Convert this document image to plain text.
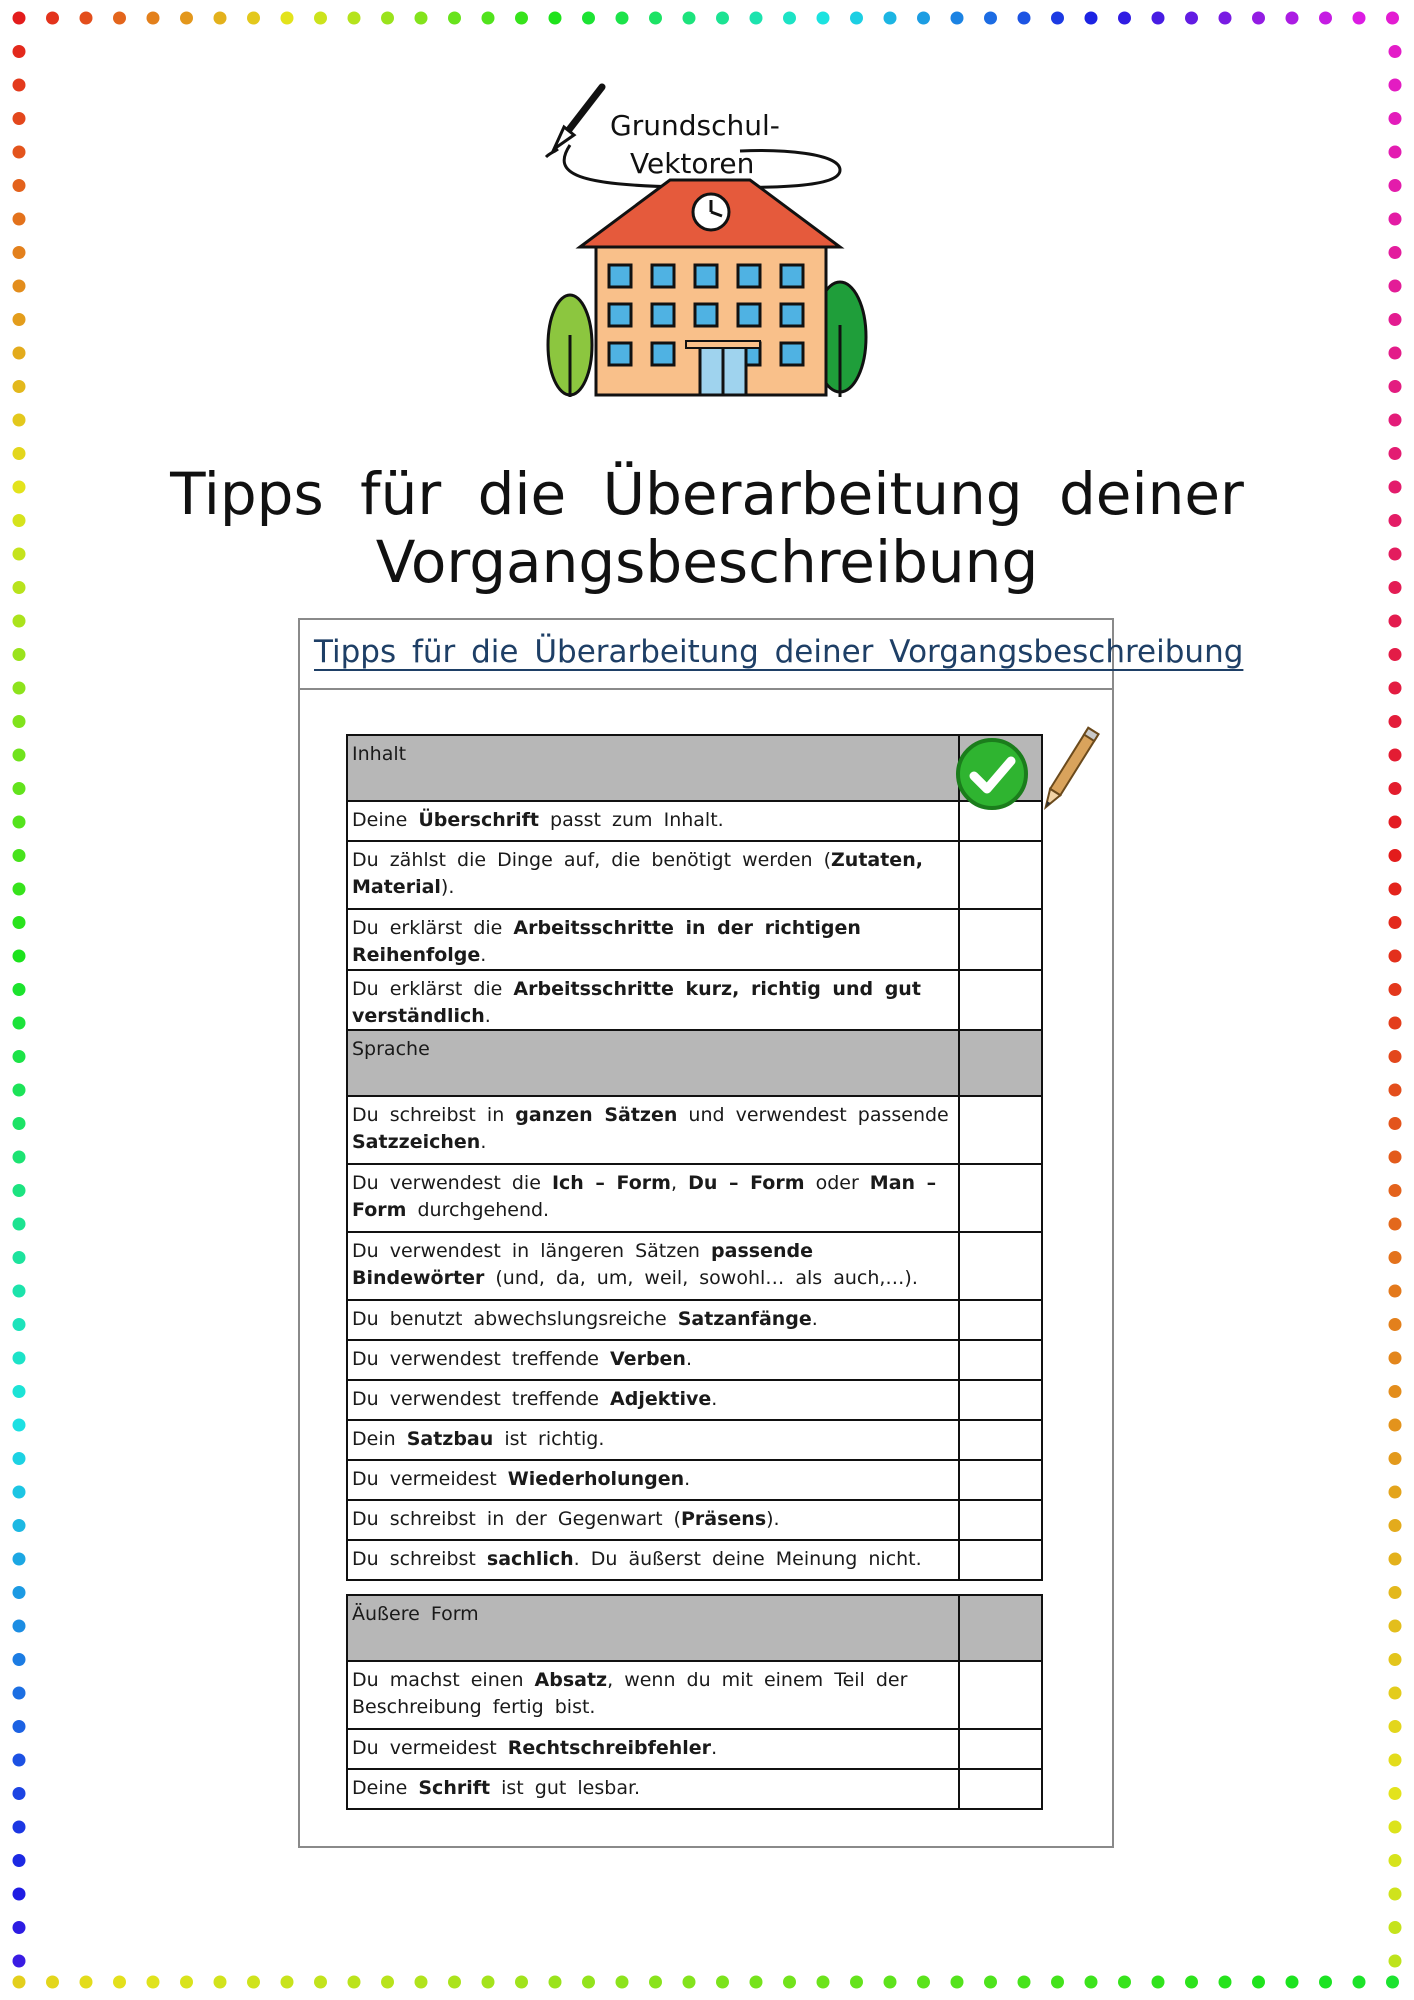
Grundschul-
Vektoren
Tipps für die Überarbeitung deiner
Vorgangsbeschreibung
Tipps für die Überarbeitung deiner Vorgangsbeschreibung
Inhalt	
Deine Überschrift passt zum Inhalt.	
Du zählst die Dinge auf, die benötigt werden (Zutaten, Material).	
Du erklärst die Arbeitsschritte in der richtigen Reihenfolge.	
Du erklärst die Arbeitsschritte kurz, richtig und gut verständlich.	
Sprache	
Du schreibst in ganzen Sätzen und verwendest passende Satzzeichen.	
Du verwendest die Ich – Form, Du – Form oder Man – Form durchgehend.	
Du verwendest in längeren Sätzen passende Bindewörter (und, da, um, weil, sowohl… als auch,…).	
Du benutzt abwechslungsreiche Satzanfänge.	
Du verwendest treffende Verben.	
Du verwendest treffende Adjektive.	
Dein Satzbau ist richtig.	
Du vermeidest Wiederholungen.	
Du schreibst in der Gegenwart (Präsens).	
Du schreibst sachlich. Du äußerst deine Meinung nicht.	
Äußere Form	
Du machst einen Absatz, wenn du mit einem Teil der Beschreibung fertig bist.	
Du vermeidest Rechtschreibfehler.	
Deine Schrift ist gut lesbar.	
